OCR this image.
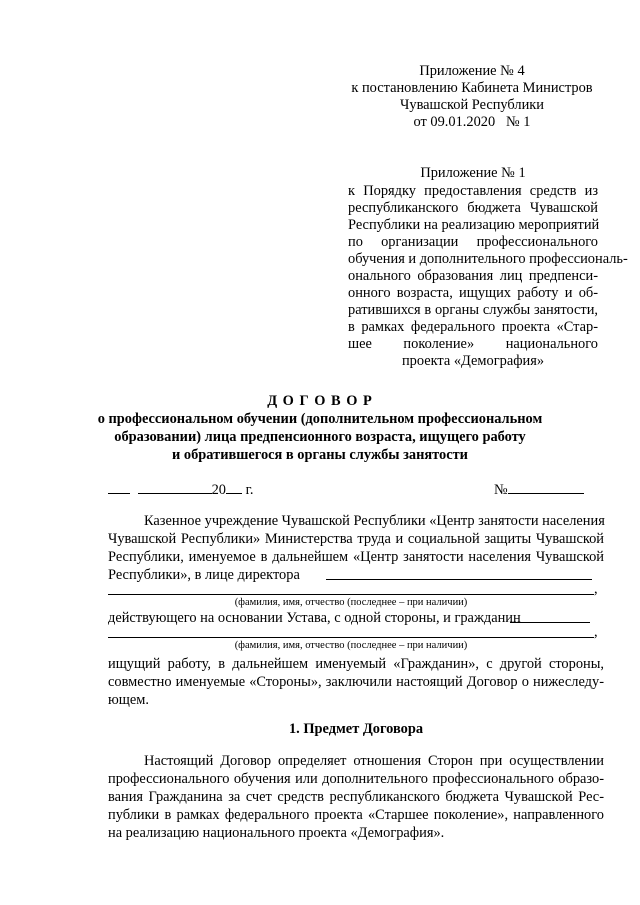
Приложение № 4
к постановлению Кабинета Министров
Чувашской Республики
от 09.01.2020   № 1
Приложение № 1
к Порядку предоставления средств из
республиканского бюджета Чувашской
Республики на реализацию мероприятий
по организации профессионального
обучения и дополнительного профессиональ-
онального образования лиц предпенси-
онного возраста, ищущих работу и об-
ратившихся в органы службы занятости,
в рамках федерального проекта «Стар-
шее поколение» национального
проекта «Демография»
Д О Г О В О Р
о профессиональном обучении (дополнительном профессиональном
образовании) лица предпенсионного возраста, ищущего работу
и обратившегося в органы службы занятости
20 г.	№
Казенное учреждение Чувашской Республики «Центр занятости населения
Чувашской Республики» Министерства труда и социальной защиты Чувашской
Республики, именуемое в дальнейшем «Центр занятости населения Чувашской
Республики», в лице директора
,
(фамилия, имя, отчество (последнее – при наличии)
действующего на основании Устава, с одной стороны, и гражданин
,
(фамилия, имя, отчество (последнее – при наличии)
ищущий работу, в дальнейшем именуемый «Гражданин», с другой стороны,
совместно именуемые «Стороны», заключили настоящий Договор о нижеследу-
ющем.
1. Предмет Договора
Настоящий Договор определяет отношения Сторон при осуществлении
профессионального обучения или дополнительного профессионального образо-
вания Гражданина за счет средств республиканского бюджета Чувашской Рес-
публики в рамках федерального проекта «Старшее поколение», направленного
на реализацию национального проекта «Демография».
